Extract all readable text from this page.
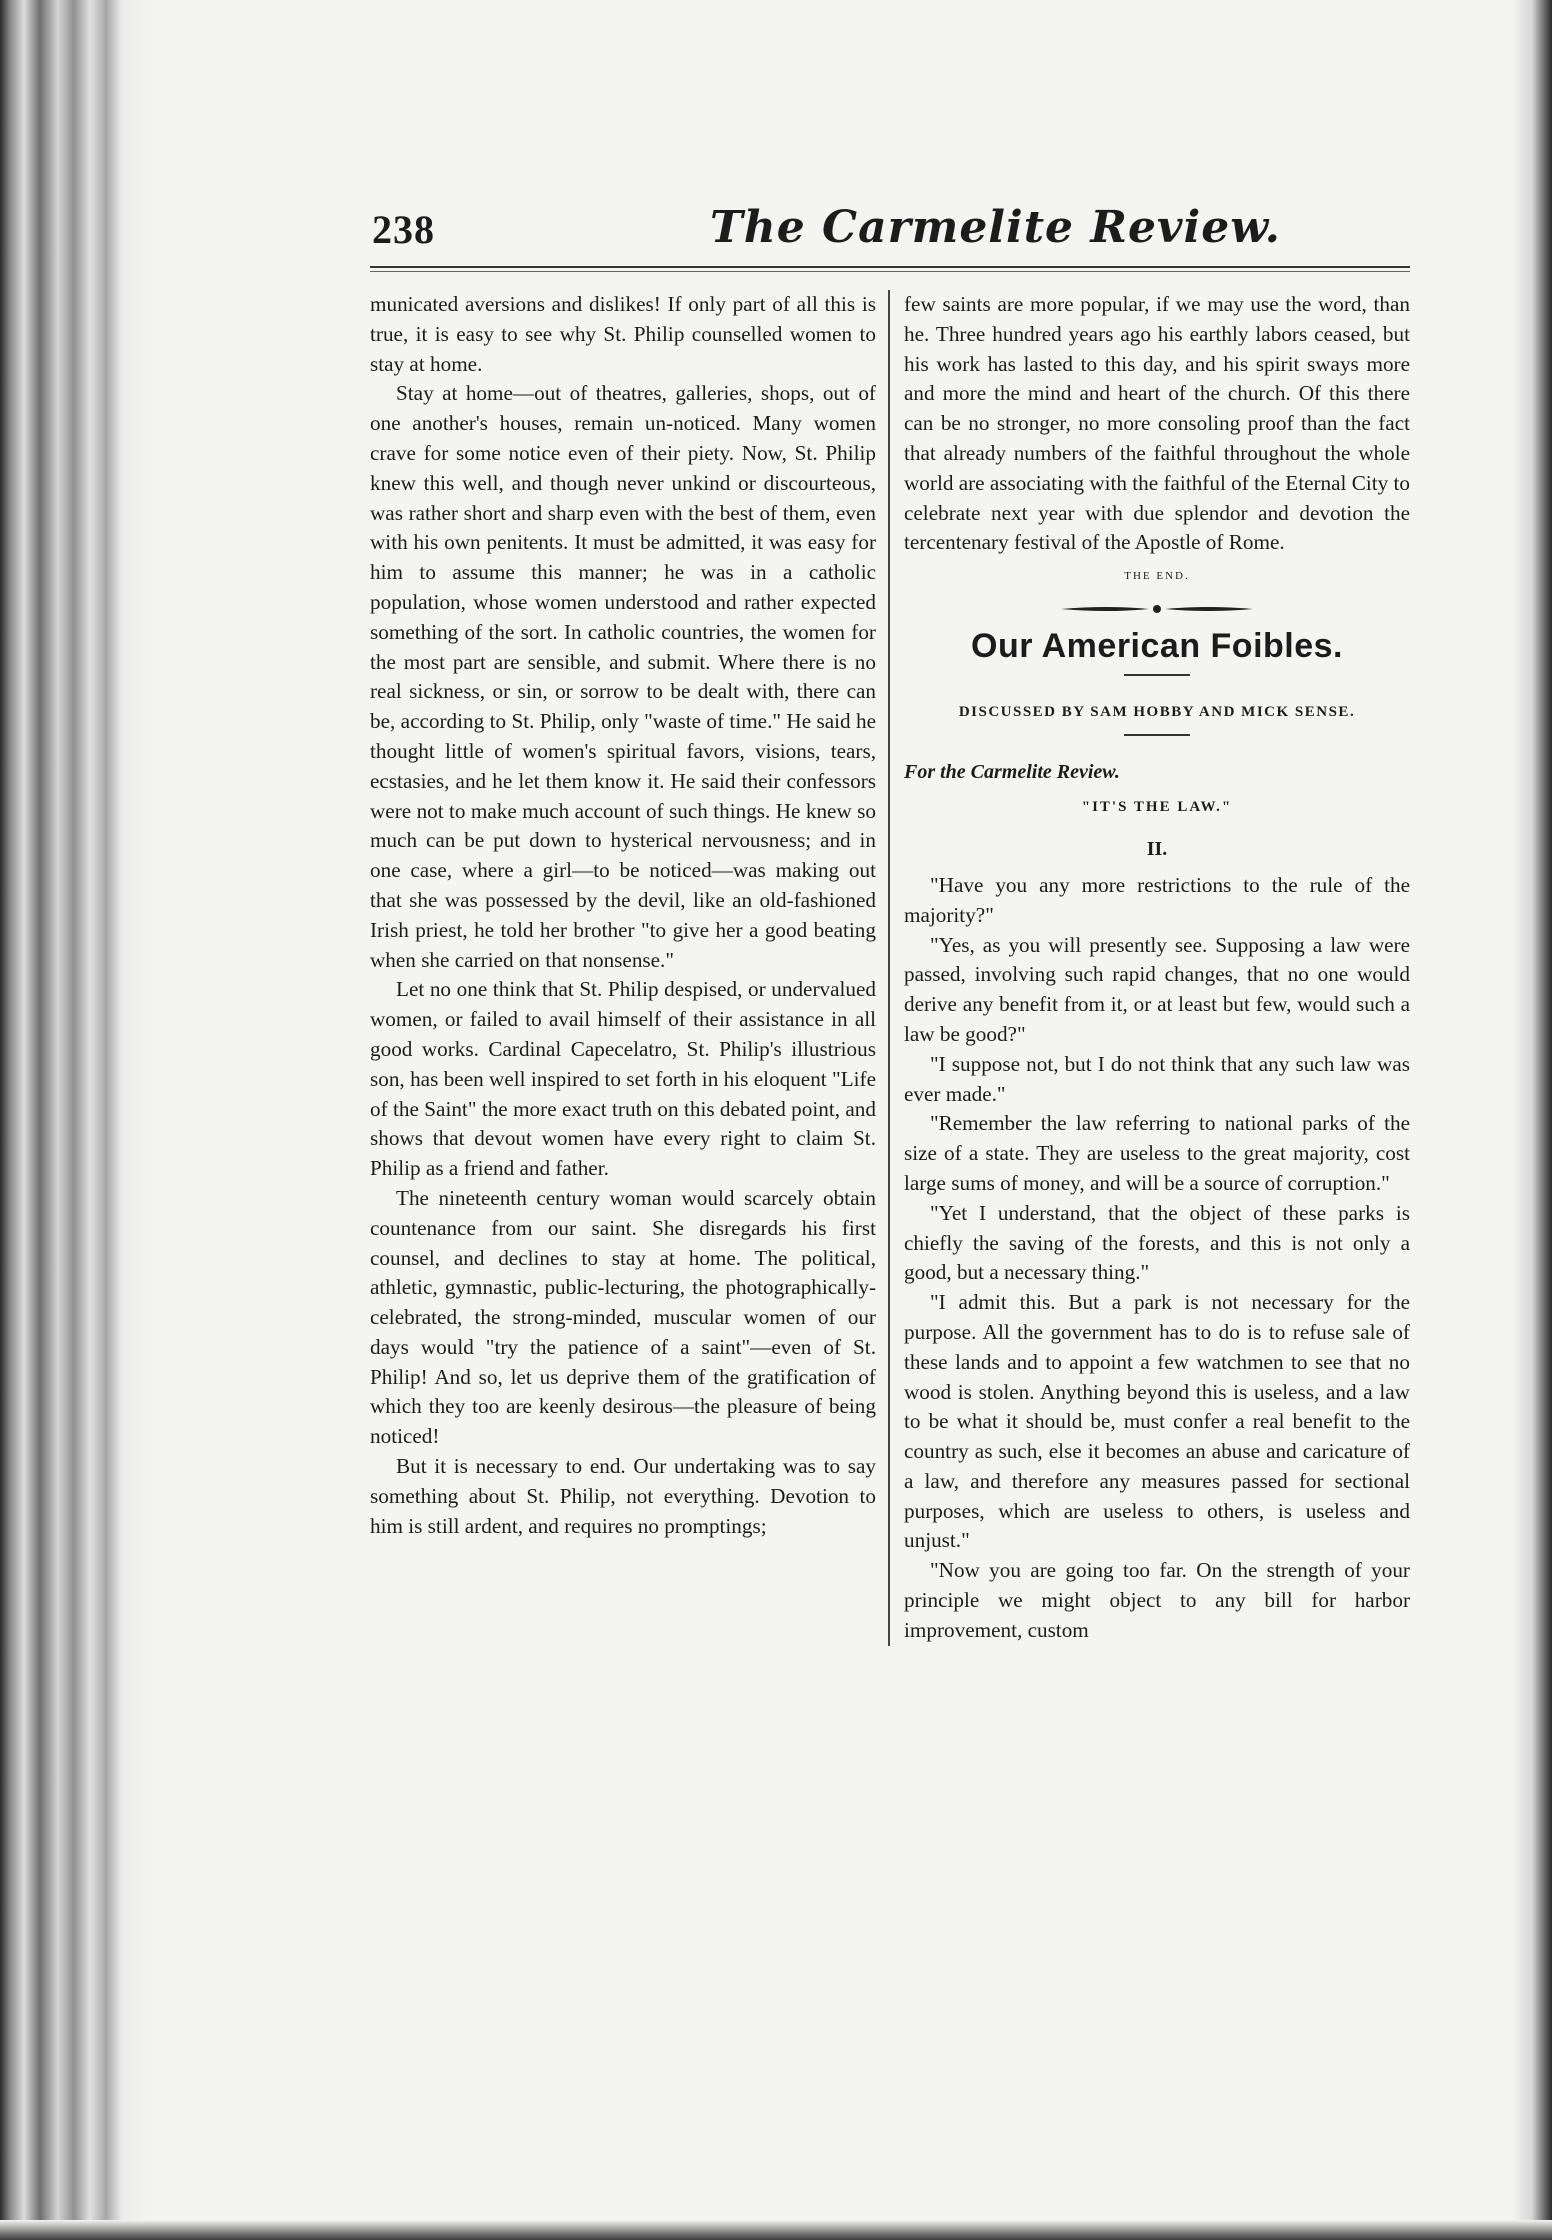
238	The Carmelite Review.

municated aversions and dislikes! If only part of all this is true, it is easy to see why St. Philip counselled women to stay at home.

Stay at home—out of theatres, galleries, shops, out of one another's houses, remain un-noticed. Many women crave for some notice even of their piety. Now, St. Philip knew this well, and though never unkind or discourteous, was rather short and sharp even with the best of them, even with his own penitents. It must be admitted, it was easy for him to assume this manner; he was in a catholic population, whose women understood and rather expected something of the sort. In catholic countries, the women for the most part are sensible, and submit. Where there is no real sickness, or sin, or sorrow to be dealt with, there can be, according to St. Philip, only "waste of time." He said he thought little of women's spiritual favors, visions, tears, ecstasies, and he let them know it. He said their confessors were not to make much account of such things. He knew so much can be put down to hysterical nervousness; and in one case, where a girl—to be noticed—was making out that she was possessed by the devil, like an old-fashioned Irish priest, he told her brother "to give her a good beating when she carried on that nonsense."

Let no one think that St. Philip despised, or undervalued women, or failed to avail himself of their assistance in all good works. Cardinal Capecelatro, St. Philip's illustrious son, has been well inspired to set forth in his eloquent "Life of the Saint" the more exact truth on this debated point, and shows that devout women have every right to claim St. Philip as a friend and father.

The nineteenth century woman would scarcely obtain countenance from our saint. She disregards his first counsel, and declines to stay at home. The political, athletic, gymnastic, public-lecturing, the photographically-celebrated, the strong-minded, muscular women of our days would "try the patience of a saint"—even of St. Philip! And so, let us deprive them of the gratification of which they too are keenly desirous—the pleasure of being noticed!

But it is necessary to end. Our undertaking was to say something about St. Philip, not everything. Devotion to him is still ardent, and requires no promptings;

few saints are more popular, if we may use the word, than he. Three hundred years ago his earthly labors ceased, but his work has lasted to this day, and his spirit sways more and more the mind and heart of the church. Of this there can be no stronger, no more consoling proof than the fact that already numbers of the faithful throughout the whole world are associating with the faithful of the Eternal City to celebrate next year with due splendor and devotion the tercentenary festival of the Apostle of Rome.

THE END.
Our American Foibles.
DISCUSSED BY SAM HOBBY AND MICK SENSE.

For the Carmelite Review.

"IT'S THE LAW."
II.

"Have you any more restrictions to the rule of the majority?"

"Yes, as you will presently see. Supposing a law were passed, involving such rapid changes, that no one would derive any benefit from it, or at least but few, would such a law be good?"

"I suppose not, but I do not think that any such law was ever made."

"Remember the law referring to national parks of the size of a state. They are useless to the great majority, cost large sums of money, and will be a source of corruption."

"Yet I understand, that the object of these parks is chiefly the saving of the forests, and this is not only a good, but a necessary thing."

"I admit this. But a park is not necessary for the purpose. All the government has to do is to refuse sale of these lands and to appoint a few watchmen to see that no wood is stolen. Anything beyond this is useless, and a law to be what it should be, must confer a real benefit to the country as such, else it becomes an abuse and caricature of a law, and therefore any measures passed for sectional purposes, which are useless to others, is useless and unjust."

"Now you are going too far. On the strength of your principle we might object to any bill for harbor improvement, custom
